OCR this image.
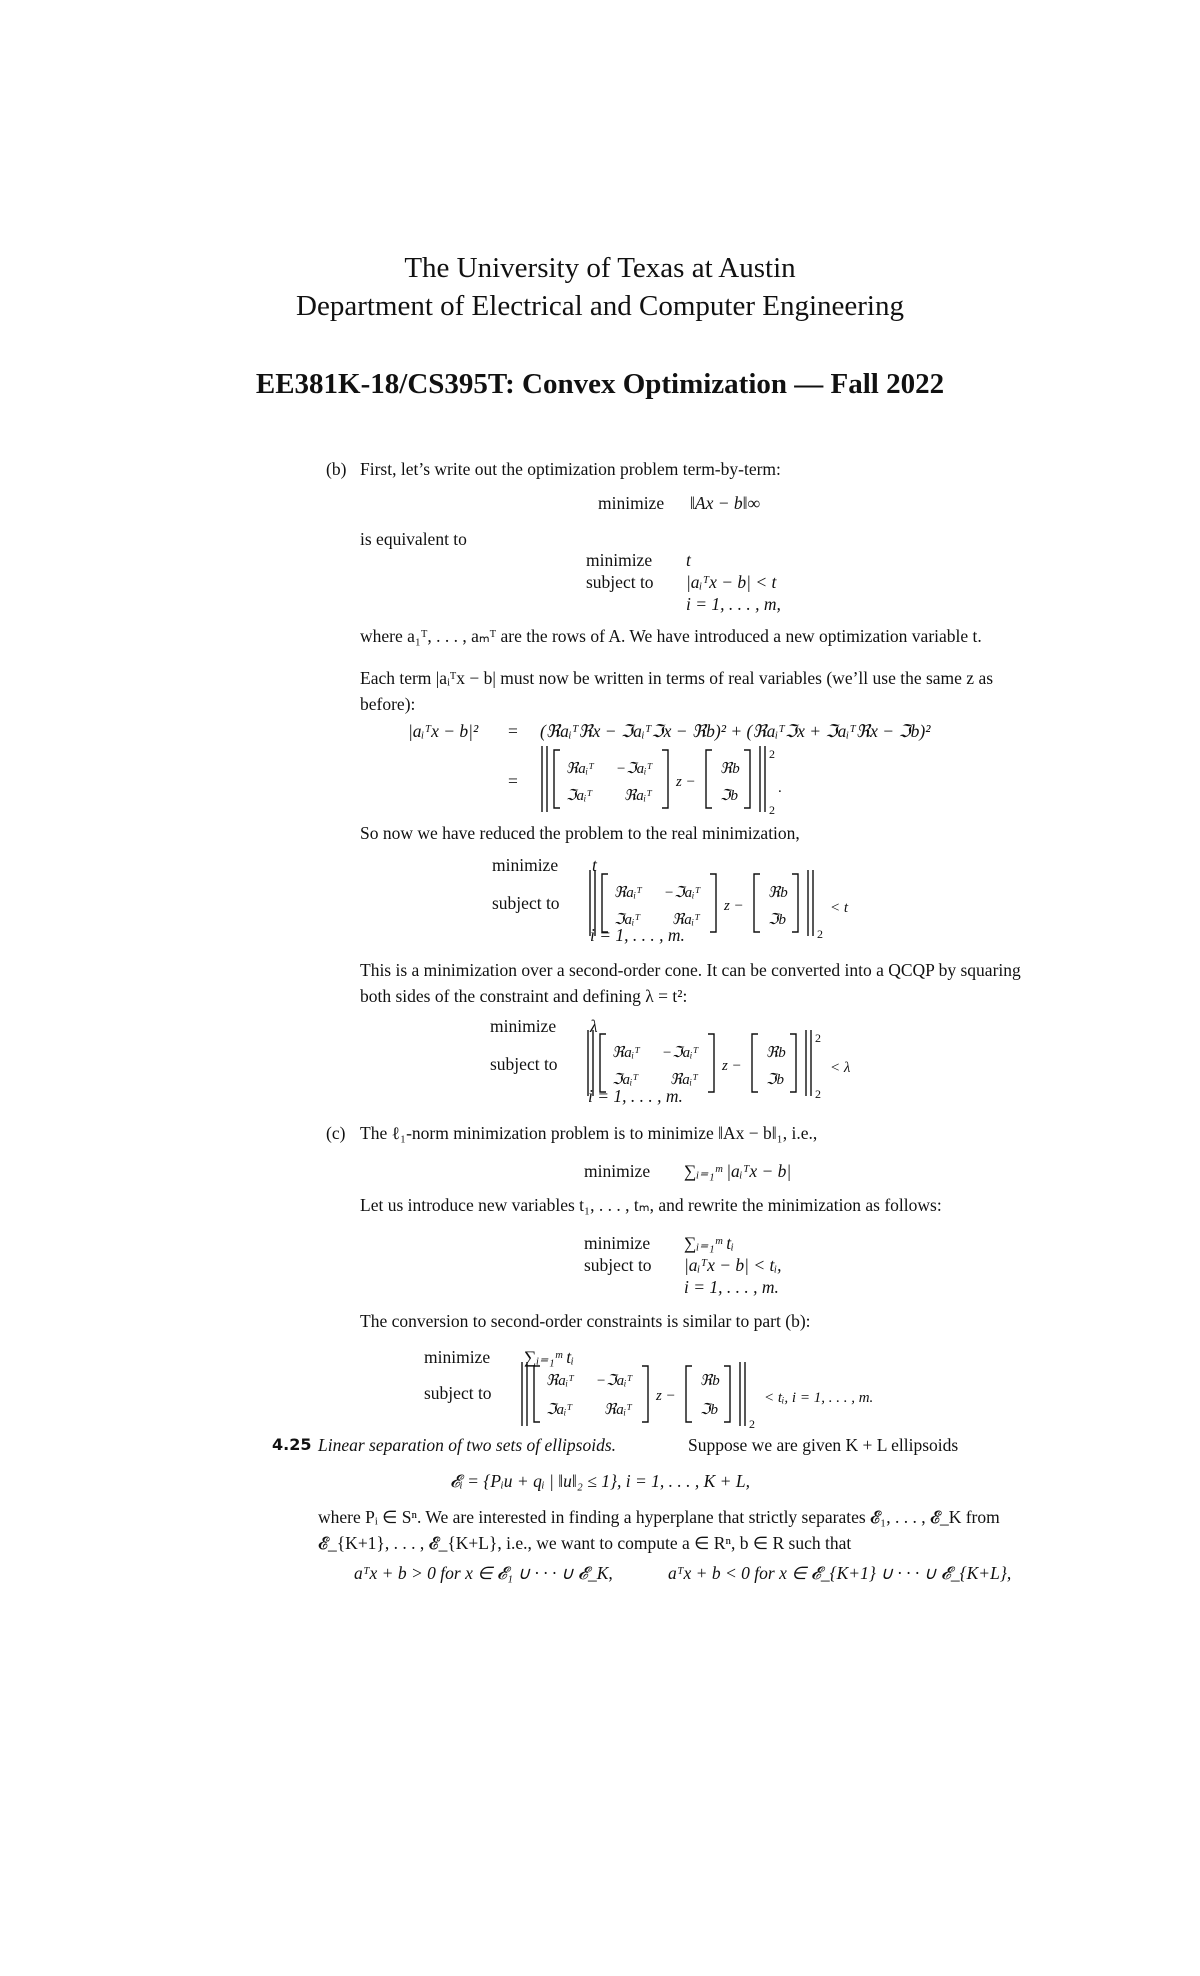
The University of Texas at Austin
Department of Electrical and Computer Engineering
EE381K-18/CS395T: Convex Optimization — Fall 2022
(b) First, let’s write out the optimization problem term-by-term:
minimize ‖Ax − b‖∞
is equivalent to
minimize t
subject to |aᵢᵀx − b| < t
i = 1, . . . , m,
where a₁ᵀ, . . . , aₘᵀ are the rows of A. We have introduced a new optimization variable t.
Each term |aᵢᵀx − b| must now be written in terms of real variables (we’ll use the same z as before):
|aᵢᵀx − b|² = (ℜaᵢᵀℜx − ℑaᵢᵀℑx − ℜb)² + (ℜaᵢᵀℑx + ℑaᵢᵀℜx − ℑb)²
=
ℜaᵢᵀ −ℑaᵢᵀ
ℑaᵢᵀ ℜaᵢᵀ
z −
ℜb
ℑb
2
2
.
So now we have reduced the problem to the real minimization,
minimize t
subject to	ℜaᵢᵀ −ℑaᵢᵀ
ℑaᵢᵀ ℜaᵢᵀ
z −
ℜb
ℑb
2
< t
i = 1, . . . , m.
This is a minimization over a second-order cone. It can be converted into a QCQP by squaring both sides of the constraint and defining λ = t²:
minimize λ
subject to
ℜaᵢᵀ −ℑaᵢᵀ
ℑaᵢᵀ ℜaᵢᵀ
z −
ℜb
ℑb
2
2
< λ
i = 1, . . . , m.
(c) The ℓ₁-norm minimization problem is to minimize ‖Ax − b‖₁, i.e.,
minimize ∑ᵢ₌₁ᵐ |aᵢᵀx − b|
Let us introduce new variables t₁, . . . , tₘ, and rewrite the minimization as follows:
minimize ∑ᵢ₌₁ᵐ tᵢ
subject to |aᵢᵀx − b| < tᵢ,
i = 1, . . . , m.
The conversion to second-order constraints is similar to part (b):
minimize ∑ᵢ₌₁ᵐ tᵢ
subject to
ℜaᵢᵀ −ℑaᵢᵀ
ℑaᵢᵀ ℜaᵢᵀ
z −
ℜb
ℑb
2
< tᵢ, i = 1, . . . , m.
4.25 Linear separation of two sets of ellipsoids.	Suppose we are given K + L ellipsoids
𝓔ᵢ = {Pᵢu + qᵢ | ‖u‖₂ ≤ 1}, i = 1, . . . , K + L,
where Pᵢ ∈ Sⁿ. We are interested in finding a hyperplane that strictly separates 𝓔₁, . . . , 𝓔_K from 𝓔_{K+1}, . . . , 𝓔_{K+L}, i.e., we want to compute a ∈ Rⁿ, b ∈ R such that
aᵀx + b > 0 for x ∈ 𝓔₁ ∪ · · · ∪ 𝓔_K,	aᵀx + b < 0 for x ∈ 𝓔_{K+1} ∪ · · · ∪ 𝓔_{K+L},
